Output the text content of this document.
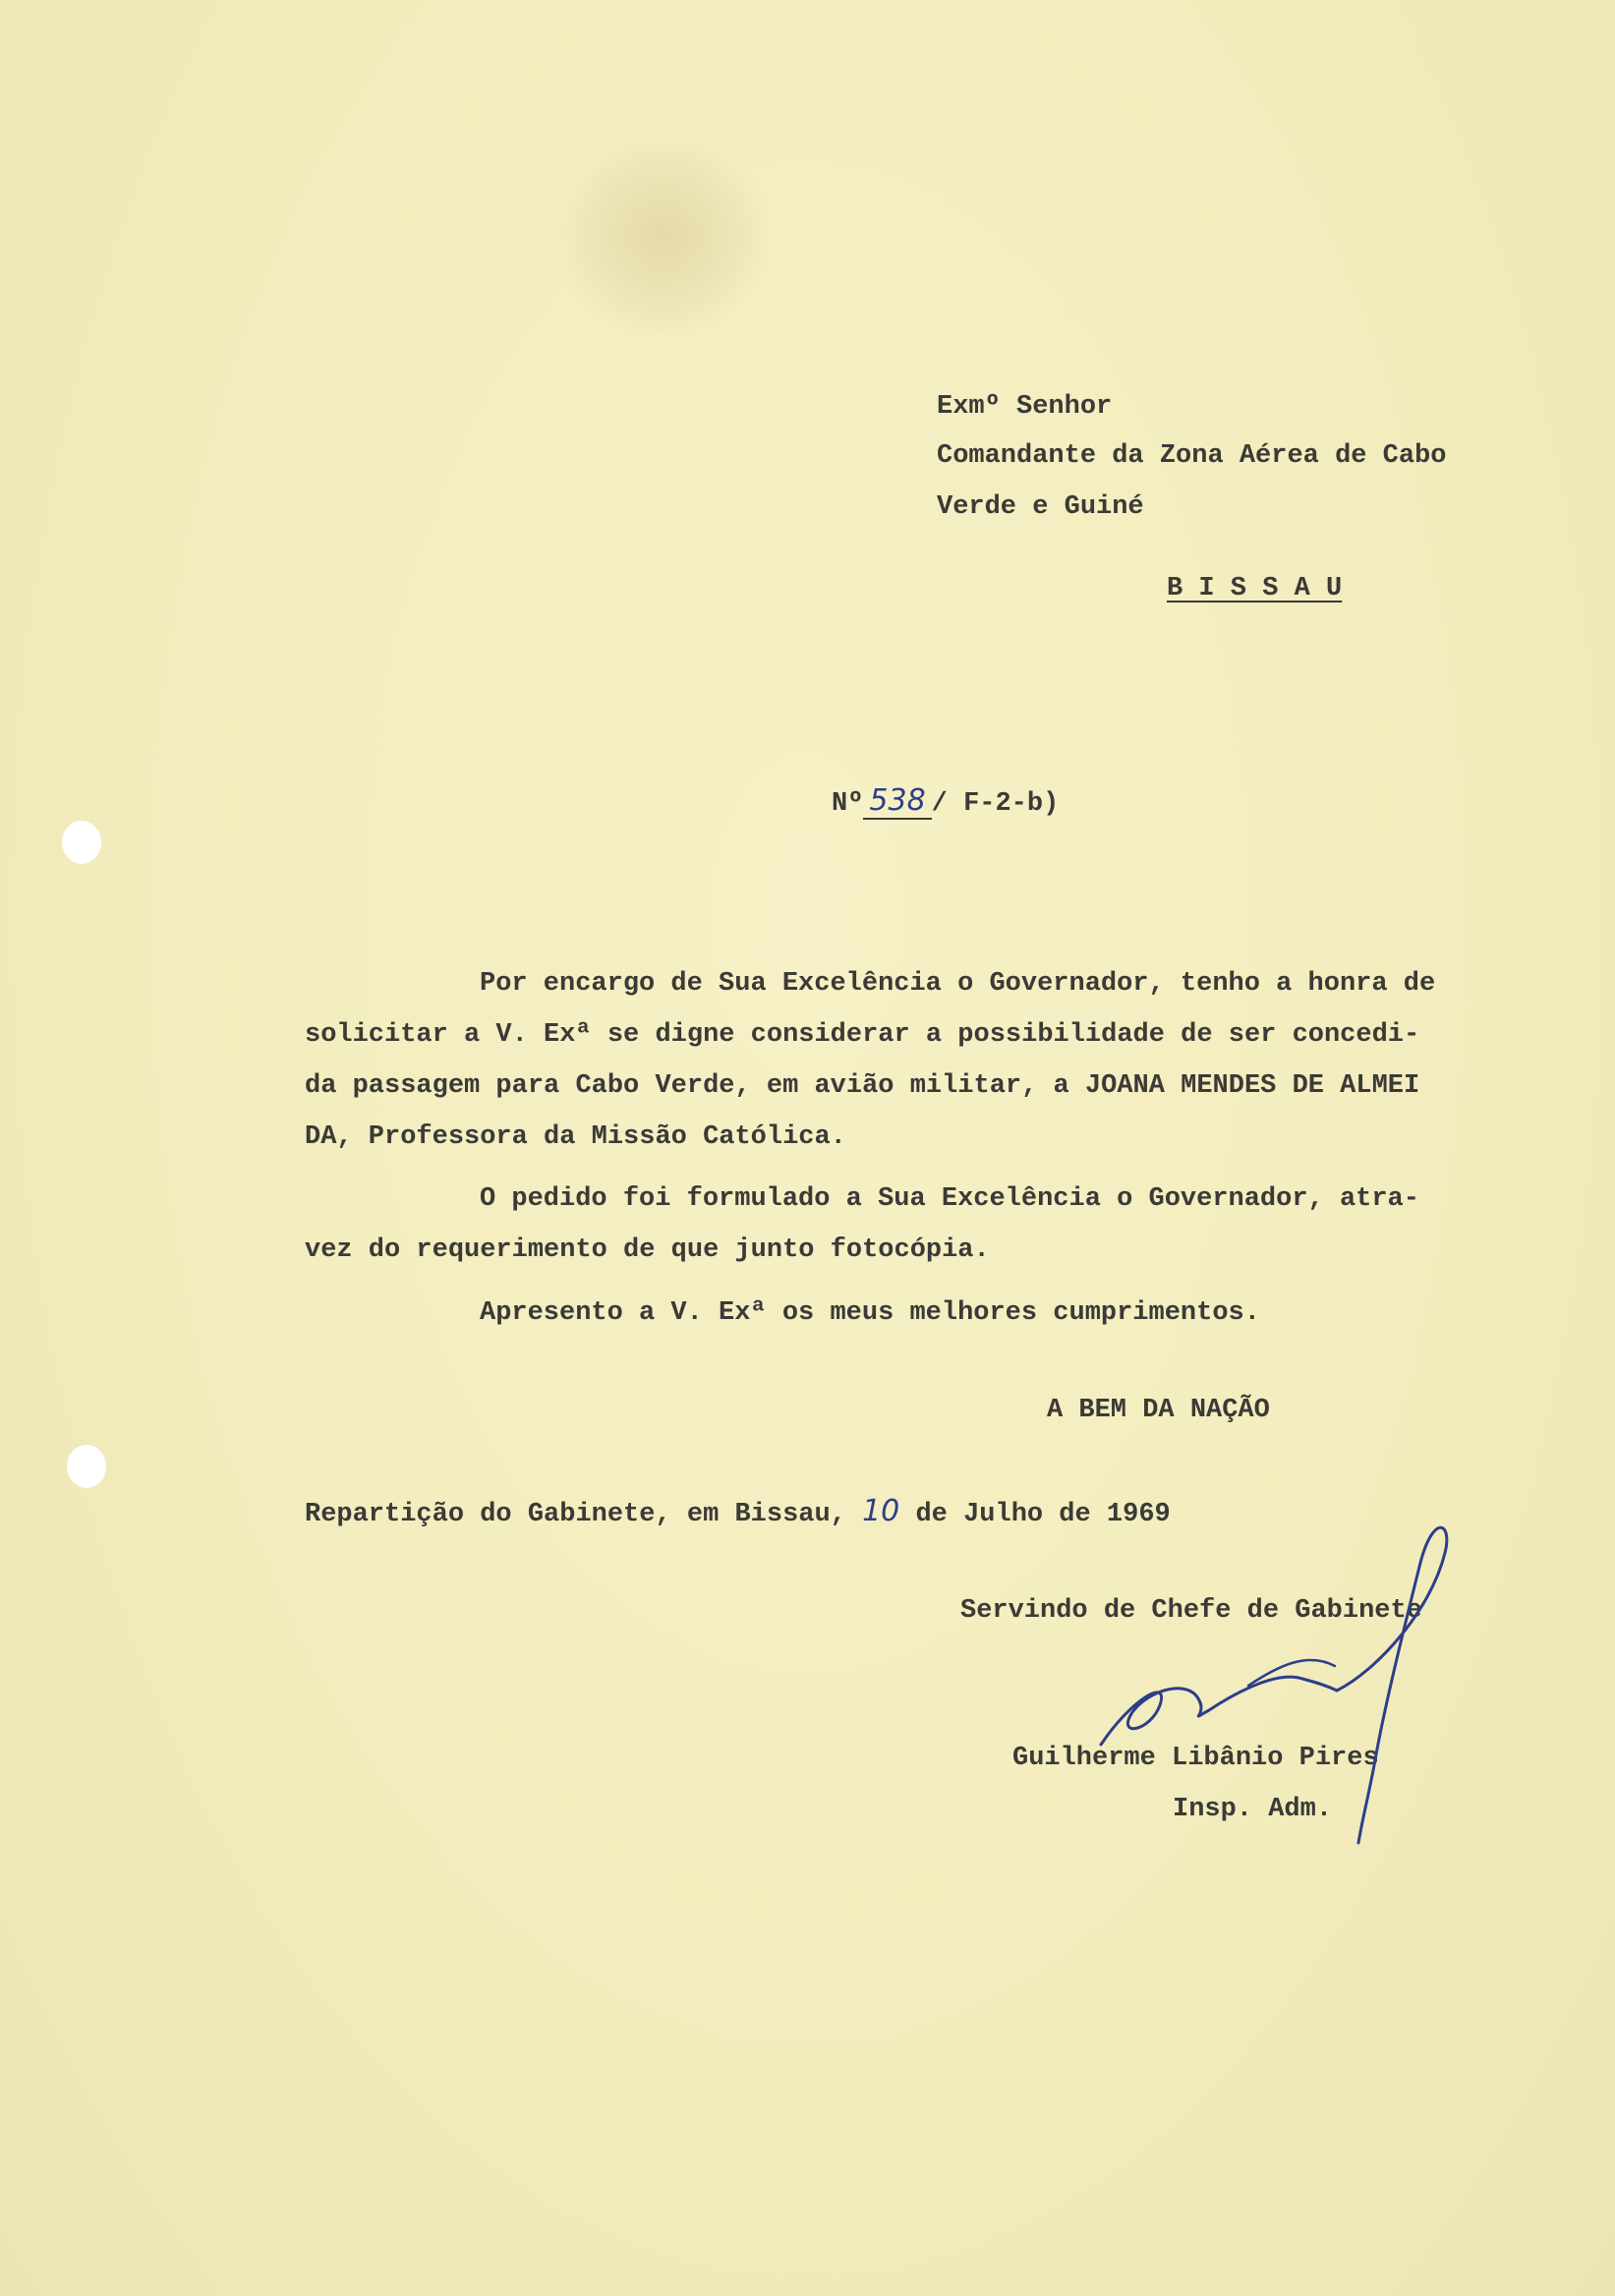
Exmº Senhor

Comandante da Zona Aérea de Cabo

Verde e Guiné

B I S S A U

Nº 538 / F-2-b)

Por encargo de Sua Excelência o Governador, tenho a honra de

solicitar a V. Exª se digne considerar a possibilidade de ser concedi-

da passagem para Cabo Verde, em avião militar, a JOANA MENDES DE ALMEI

DA, Professora da Missão Católica.

O pedido foi formulado a Sua Excelência o Governador, atra-

vez do requerimento de que junto fotocópia.

Apresento a V. Exª os meus melhores cumprimentos.

A BEM DA NAÇÃO

Repartição do Gabinete, em Bissau, 10 de Julho de 1969

Servindo de Chefe de Gabinete

Guilherme Libânio Pires

Insp. Adm.
